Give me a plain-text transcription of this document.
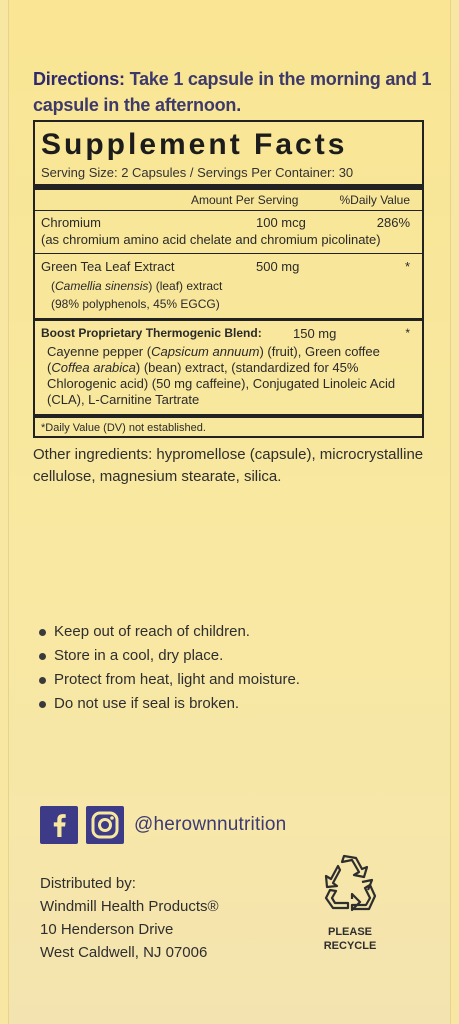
Directions: Take 1 capsule in the morning and 1 capsule in the afternoon.
Supplement Facts
Serving Size: 2 Capsules / Servings Per Container: 30
Amount Per Serving	%Daily Value
Chromium	100 mcg	286%
(as chromium amino acid chelate and chromium picolinate)
Green Tea Leaf Extract	500 mg	*
(Camellia sinensis) (leaf) extract
(98% polyphenols, 45% EGCG)
Boost Proprietary Thermogenic Blend: 150 mg	*
Cayenne pepper (Capsicum annuum) (fruit), Green coffee (Coffea arabica) (bean) extract, (standardized for 45% Chlorogenic acid) (50 mg caffeine), Conjugated Linoleic Acid (CLA), L-Carnitine Tartrate
*Daily Value (DV) not established.
Other ingredients: hypromellose (capsule), microcrystalline cellulose, magnesium stearate, silica.
Keep out of reach of children.
Store in a cool, dry place.
Protect from heat, light and moisture.
Do not use if seal is broken.
@herownnutrition
Distributed by:
Windmill Health Products®
10 Henderson Drive
West Caldwell, NJ 07006
PLEASE
RECYCLE
